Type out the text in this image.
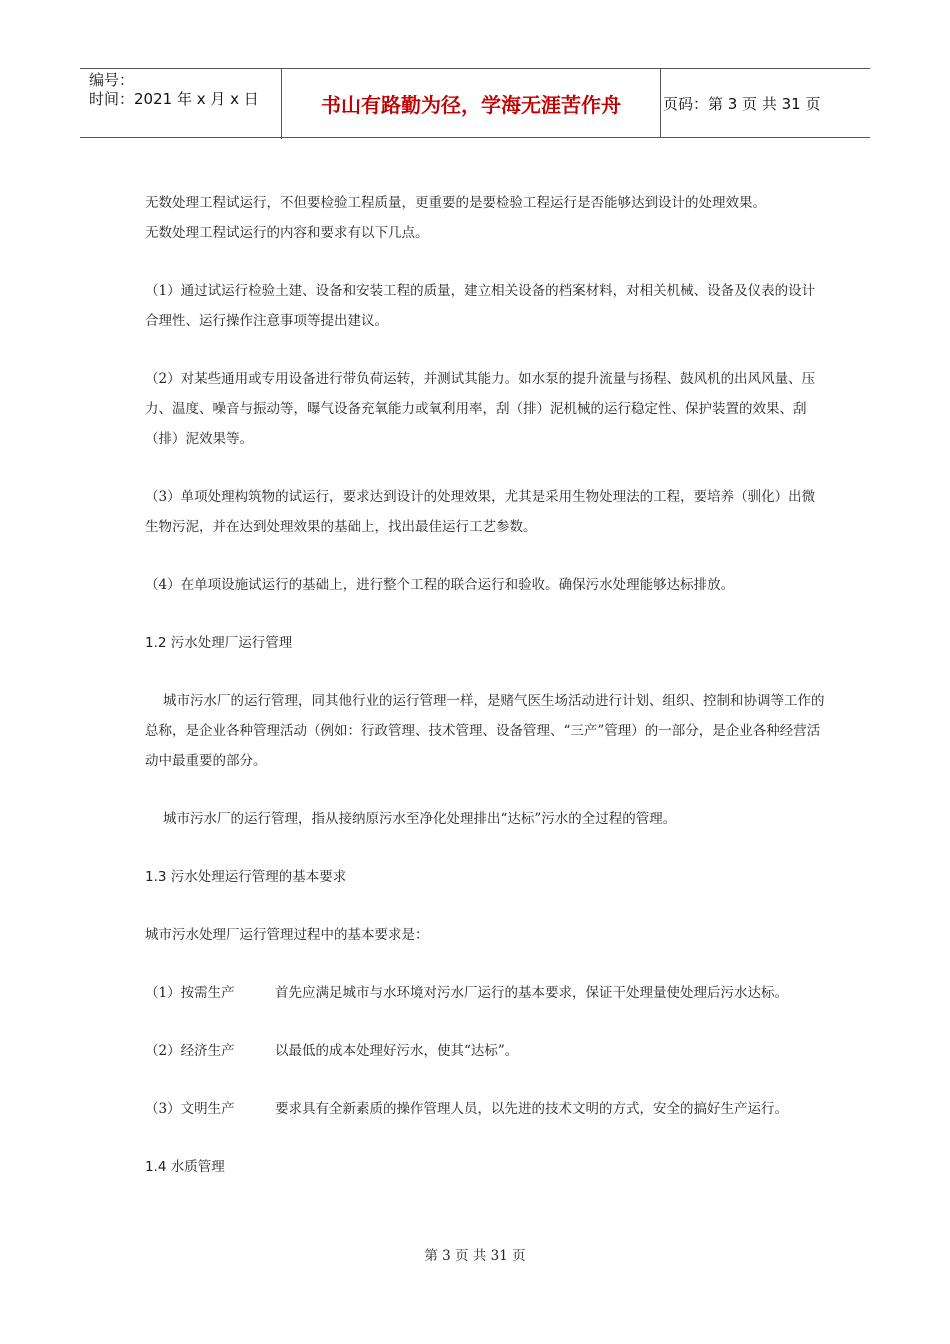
编号：
时间：2021 年 x 月 x 日	书山有路勤为径，学海无涯苦作舟	页码：第 3 页 共 31 页

无数处理工程试运行，不但要检验工程质量，更重要的是要检验工程运行是否能够达到设计的处理效果。

无数处理工程试运行的内容和要求有以下几点。

（1）通过试运行检验土建、设备和安装工程的质量，建立相关设备的档案材料，对相关机械、设备及仪表的设计合理性、运行操作注意事项等提出建议。

（2）对某些通用或专用设备进行带负荷运转，并测试其能力。如水泵的提升流量与扬程、鼓风机的出风风量、压力、温度、噪音与振动等，曝气设备充氧能力或氧利用率，刮（排）泥机械的运行稳定性、保护装置的效果、刮（排）泥效果等。

（3）单项处理构筑物的试运行，要求达到设计的处理效果，尤其是采用生物处理法的工程，要培养（驯化）出微生物污泥，并在达到处理效果的基础上，找出最佳运行工艺参数。

（4）在单项设施试运行的基础上，进行整个工程的联合运行和验收。确保污水处理能够达标排放。

1.2 污水处理厂运行管理

城市污水厂的运行管理，同其他行业的运行管理一样，是赌气医生场活动进行计划、组织、控制和协调等工作的总称，是企业各种管理活动（例如：行政管理、技术管理、设备管理、“三产”管理）的一部分，是企业各种经营活动中最重要的部分。

城市污水厂的运行管理，指从接纳原污水至净化处理排出“达标”污水的全过程的管理。

1.3 污水处理运行管理的基本要求

城市污水处理厂运行管理过程中的基本要求是：

（1）按需生产	首先应满足城市与水环境对污水厂运行的基本要求，保证干处理量使处理后污水达标。
（2）经济生产	以最低的成本处理好污水，使其“达标”。
（3）文明生产	要求具有全新素质的操作管理人员，以先进的技术文明的方式，安全的搞好生产运行。

1.4 水质管理

第 3 页 共 31 页
